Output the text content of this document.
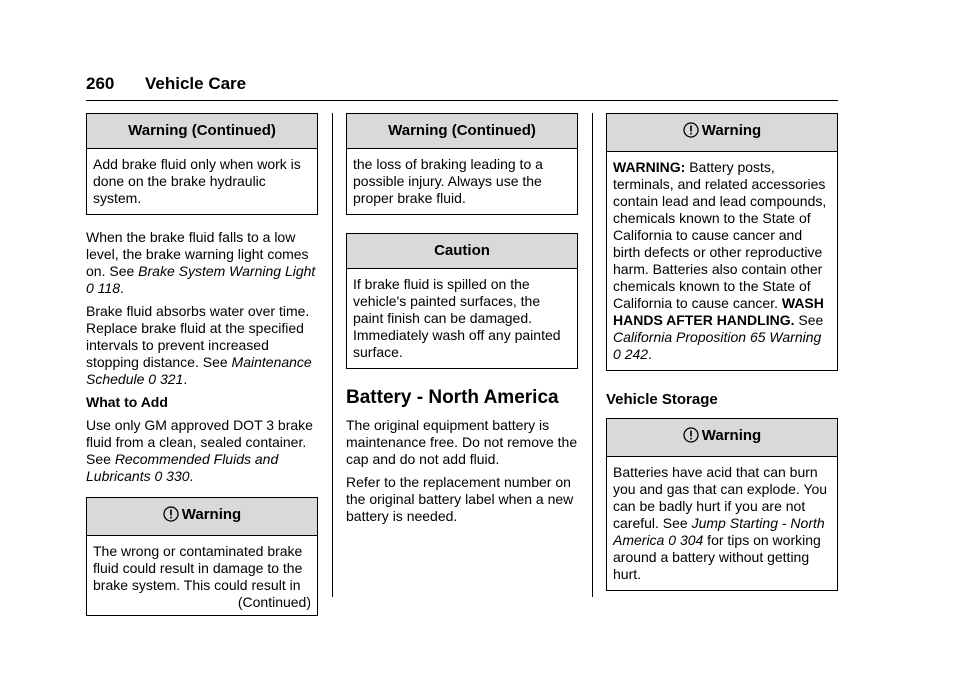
260 Vehicle Care
Warning (Continued)
Add brake fluid only when work is done on the brake hydraulic system.

When the brake fluid falls to a low level, the brake warning light comes on. See Brake System Warning Light 0 118.

Brake fluid absorbs water over time. Replace brake fluid at the specified intervals to prevent increased stopping distance. See Maintenance Schedule 0 321.

What to Add

Use only GM approved DOT 3 brake fluid from a clean, sealed container. See Recommended Fluids and Lubricants 0 330.

Warning
The wrong or contaminated brake fluid could result in damage to the brake system. This could result in
(Continued)
Warning (Continued)
the loss of braking leading to a possible injury. Always use the proper brake fluid.
Caution
If brake fluid is spilled on the vehicle's painted surfaces, the paint finish can be damaged. Immediately wash off any painted surface.

Battery - North America

The original equipment battery is maintenance free. Do not remove the cap and do not add fluid.

Refer to the replacement number on the original battery label when a new battery is needed.

Warning
WARNING: Battery posts, terminals, and related accessories contain lead and lead compounds, chemicals known to the State of California to cause cancer and birth defects or other reproductive harm. Batteries also contain other chemicals known to the State of California to cause cancer. WASH HANDS AFTER HANDLING. See California Proposition 65 Warning 0 242.

Vehicle Storage

Warning
Batteries have acid that can burn you and gas that can explode. You can be badly hurt if you are not careful. See Jump Starting - North America 0 304 for tips on working around a battery without getting hurt.
